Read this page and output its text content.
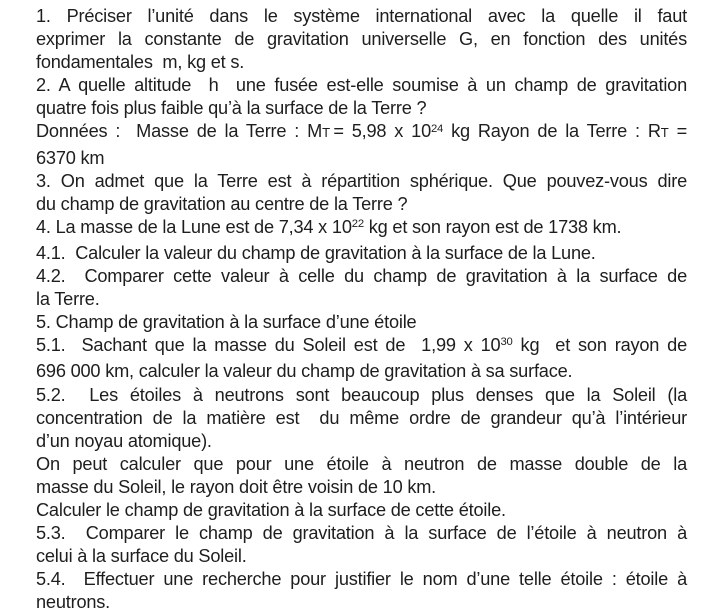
1. Préciser l’unité dans le système international avec la quelle il faut
exprimer la constante de gravitation universelle G, en fonction des unités
fondamentales  m, kg et s.
2. A quelle altitude  h  une fusée est-elle soumise à un champ de gravitation
quatre fois plus faible qu’à la surface de la Terre ?
Données :  Masse de la Terre : MT = 5,98 x $10^{24}$ kg Rayon de la Terre : RT =
6370 km
3. On admet que la Terre est à répartition sphérique. Que pouvez-vous dire
du champ de gravitation au centre de la Terre ?
4. La masse de la Lune est de 7,34 x $10^{22}$ kg et son rayon est de 1738 km.
4.1.  Calculer la valeur du champ de gravitation à la surface de la Lune.
4.2.  Comparer cette valeur à celle du champ de gravitation à la surface de
la Terre.
5. Champ de gravitation à la surface d’une étoile
5.1.  Sachant que la masse du Soleil est de  1,99 x $10^{30}$ kg  et son rayon de
696 000 km, calculer la valeur du champ de gravitation à sa surface.
5.2.  Les étoiles à neutrons sont beaucoup plus denses que la Soleil (la
concentration de la matière est  du même ordre de grandeur qu’à l’intérieur
d’un noyau atomique).
On peut calculer que pour une étoile à neutron de masse double de la
masse du Soleil, le rayon doit être voisin de 10 km.
Calculer le champ de gravitation à la surface de cette étoile.
5.3.  Comparer le champ de gravitation à la surface de l’étoile à neutron à
celui à la surface du Soleil.
5.4.  Effectuer une recherche pour justifier le nom d’une telle étoile : étoile à
neutrons.
